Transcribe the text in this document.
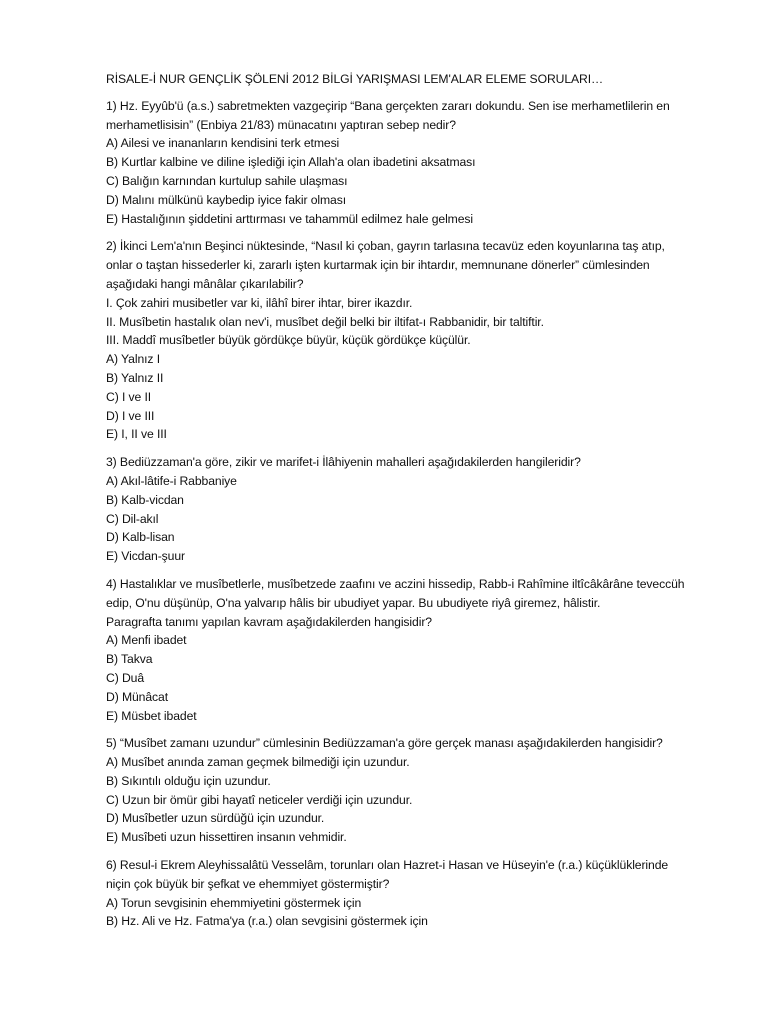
RİSALE-İ NUR GENÇLİK ŞÖLENİ 2012 BİLGİ YARIŞMASI LEM'ALAR ELEME SORULARI…
1) Hz. Eyyûb'ü (a.s.) sabretmekten vazgeçirip “Bana gerçekten zararı dokundu. Sen ise merhametlilerin en
merhametlisisin” (Enbiya 21/83) münacatını yaptıran sebep nedir?
A) Ailesi ve inananların kendisini terk etmesi
B) Kurtlar kalbine ve diline işlediği için Allah'a olan ibadetini aksatması
C) Balığın karnından kurtulup sahile ulaşması
D) Malını mülkünü kaybedip iyice fakir olması
E) Hastalığının şiddetini arttırması ve tahammül edilmez hale gelmesi
2) İkinci Lem'a'nın Beşinci nüktesinde, “Nasıl ki çoban, gayrın tarlasına tecavüz eden koyunlarına taş atıp,
onlar o taştan hissederler ki, zararlı işten kurtarmak için bir ihtardır, memnunane dönerler” cümlesinden
aşağıdaki hangi mânâlar çıkarılabilir?
I. Çok zahiri musibetler var ki, ilâhî birer ihtar, birer ikazdır.
II. Musîbetin hastalık olan nev'i, musîbet değil belki bir iltifat-ı Rabbanidir, bir taltiftir.
III. Maddî musîbetler büyük gördükçe büyür, küçük gördükçe küçülür.
A) Yalnız I
B) Yalnız II
C) I ve II
D) I ve III
E) I, II ve III
3) Bediüzzaman'a göre, zikir ve marifet-i İlâhiyenin mahalleri aşağıdakilerden hangileridir?
A) Akıl-lâtife-i Rabbaniye
B) Kalb-vicdan
C) Dil-akıl
D) Kalb-lisan
E) Vicdan-şuur
4) Hastalıklar ve musîbetlerle, musîbetzede zaafını ve aczini hissedip, Rabb-i Rahîmine iltîcâkârâne teveccüh
edip, O'nu düşünüp, O'na yalvarıp hâlis bir ubudiyet yapar. Bu ubudiyete riyâ giremez, hâlistir.
Paragrafta tanımı yapılan kavram aşağıdakilerden hangisidir?
A) Menfi ibadet
B) Takva
C) Duâ
D) Münâcat
E) Müsbet ibadet
5) “Musîbet zamanı uzundur” cümlesinin Bediüzzaman'a göre gerçek manası aşağıdakilerden hangisidir?
A) Musîbet anında zaman geçmek bilmediği için uzundur.
B) Sıkıntılı olduğu için uzundur.
C) Uzun bir ömür gibi hayatî neticeler verdiği için uzundur.
D) Musîbetler uzun sürdüğü için uzundur.
E) Musîbeti uzun hissettiren insanın vehmidir.
6) Resul-i Ekrem Aleyhissalâtü Vesselâm, torunları olan Hazret-i Hasan ve Hüseyin'e (r.a.) küçüklüklerinde
niçin çok büyük bir şefkat ve ehemmiyet göstermiştir?
A) Torun sevgisinin ehemmiyetini göstermek için
B) Hz. Ali ve Hz. Fatma'ya (r.a.) olan sevgisini göstermek için
